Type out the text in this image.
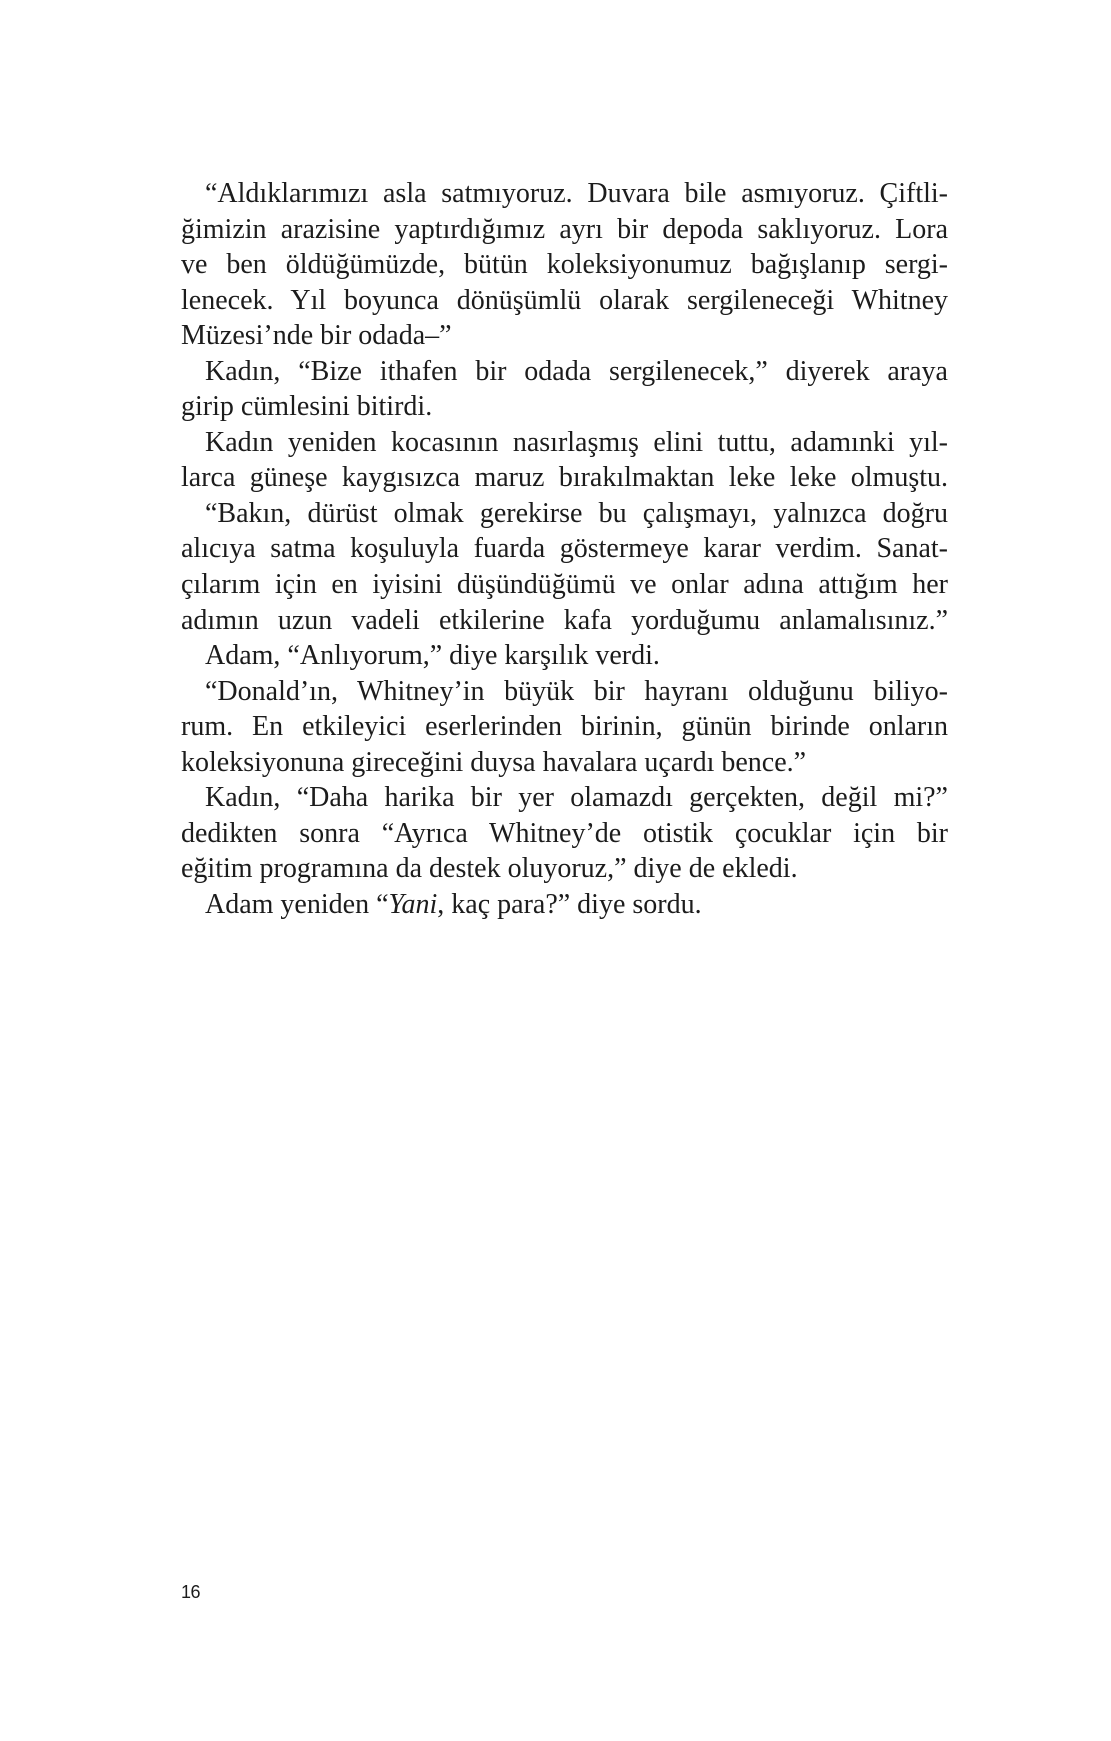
“Aldıklarımızı asla satmıyoruz. Duvara bile asmıyoruz. Çiftli-
ğimizin arazisine yaptırdığımız ayrı bir depoda saklıyoruz. Lora
ve ben öldüğümüzde, bütün koleksiyonumuz bağışlanıp sergi-
lenecek. Yıl boyunca dönüşümlü olarak sergileneceği Whitney
Müzesi’nde bir odada–”
Kadın, “Bize ithafen bir odada sergilenecek,” diyerek araya
girip cümlesini bitirdi.
Kadın yeniden kocasının nasırlaşmış elini tuttu, adamınki yıl-
larca güneşe kaygısızca maruz bırakılmaktan leke leke olmuştu.
“Bakın, dürüst olmak gerekirse bu çalışmayı, yalnızca doğru
alıcıya satma koşuluyla fuarda göstermeye karar verdim. Sanat-
çılarım için en iyisini düşündüğümü ve onlar adına attığım her
adımın uzun vadeli etkilerine kafa yorduğumu anlamalısınız.”
Adam, “Anlıyorum,” diye karşılık verdi.
“Donald’ın, Whitney’in büyük bir hayranı olduğunu biliyo-
rum. En etkileyici eserlerinden birinin, günün birinde onların
koleksiyonuna gireceğini duysa havalara uçardı bence.”
Kadın, “Daha harika bir yer olamazdı gerçekten, değil mi?”
dedikten sonra “Ayrıca Whitney’de otistik çocuklar için bir
eğitim programına da destek oluyoruz,” diye de ekledi.
Adam yeniden “Yani, kaç para?” diye sordu.
16
